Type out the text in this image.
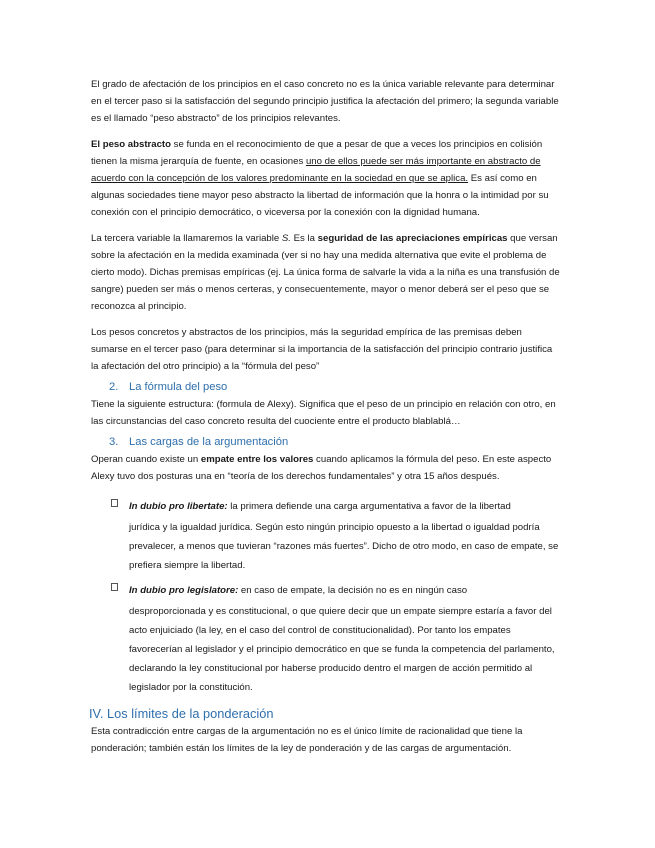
El grado de afectación de los principios en el caso concreto no es la única variable relevante para determinar en el tercer paso si la satisfacción del segundo principio justifica la afectación del primero; la segunda variable es el llamado “peso abstracto” de los principios relevantes.

El peso abstracto se funda en el reconocimiento de que a pesar de que a veces los principios en colisión tienen la misma jerarquía de fuente, en ocasiones uno de ellos puede ser más importante en abstracto de acuerdo con la concepción de los valores predominante en la sociedad en que se aplica. Es así como en algunas sociedades tiene mayor peso abstracto la libertad de información que la honra o la intimidad por su conexión con el principio democrático, o viceversa por la conexión con la dignidad humana.

La tercera variable la llamaremos la variable S. Es la seguridad de las apreciaciones empíricas que versan sobre la afectación en la medida examinada (ver si no hay una medida alternativa que evite el problema de cierto modo). Dichas premisas empíricas (ej. La única forma de salvarle la vida a la niña es una transfusión de sangre) pueden ser más o menos certeras, y consecuentemente, mayor o menor deberá ser el peso que se reconozca al principio.

Los pesos concretos y abstractos de los principios, más la seguridad empírica de las premisas deben sumarse en el tercer paso (para determinar si la importancia de la satisfacción del principio contrario justifica la afectación del otro principio) a la “fórmula del peso”

2. La fórmula del peso

Tiene la siguiente estructura: (formula de Alexy). Significa que el peso de un principio en relación con otro, en las circunstancias del caso concreto resulta del cuociente entre el producto blablablá…

3. Las cargas de la argumentación

Operan cuando existe un empate entre los valores cuando aplicamos la fórmula del peso. En este aspecto Alexy tuvo dos posturas una en “teoría de los derechos fundamentales” y otra 15 años después.

In dubio pro libertate: la primera defiende una carga argumentativa a favor de la libertad
jurídica y la igualdad jurídica. Según esto ningún principio opuesto a la libertad o igualdad podría prevalecer, a menos que tuvieran “razones más fuertes”. Dicho de otro modo, en caso de empate, se prefiera siempre la libertad.
In dubio pro legislatore: en caso de empate, la decisión no es en ningún caso
desproporcionada y es constitucional, o que quiere decir que un empate siempre estaría a favor del acto enjuiciado (la ley, en el caso del control de constitucionalidad). Por tanto los empates favorecerían al legislador y el principio democrático en que se funda la competencia del parlamento, declarando la ley constitucional por haberse producido dentro el margen de acción permitido al legislador por la constitución.
IV. Los límites de la ponderación

Esta contradicción entre cargas de la argumentación no es el único límite de racionalidad que tiene la ponderación; también están los límites de la ley de ponderación y de las cargas de argumentación.
